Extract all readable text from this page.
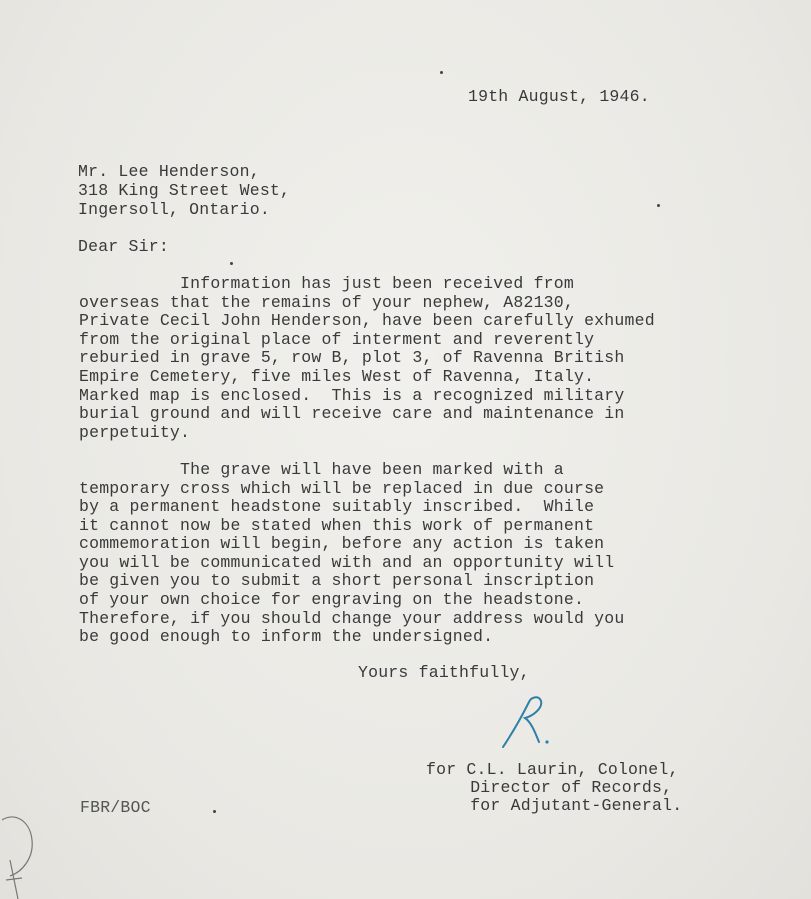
19th August, 1946.
Mr. Lee Henderson,
318 King Street West,
Ingersoll, Ontario.
Dear Sir:
Information has just been received from
overseas that the remains of your nephew, A82130,
Private Cecil John Henderson, have been carefully exhumed
from the original place of interment and reverently
reburied in grave 5, row B, plot 3, of Ravenna British
Empire Cemetery, five miles West of Ravenna, Italy.
Marked map is enclosed.  This is a recognized military
burial ground and will receive care and maintenance in
perpetuity.
The grave will have been marked with a
temporary cross which will be replaced in due course
by a permanent headstone suitably inscribed.  While
it cannot now be stated when this work of permanent
commemoration will begin, before any action is taken
you will be communicated with and an opportunity will
be given you to submit a short personal inscription
of your own choice for engraving on the headstone.
Therefore, if you should change your address would you
be good enough to inform the undersigned.
Yours faithfully,
for C.L. Laurin, Colonel,
Director of Records,
for Adjutant-General.
FBR/BOC
